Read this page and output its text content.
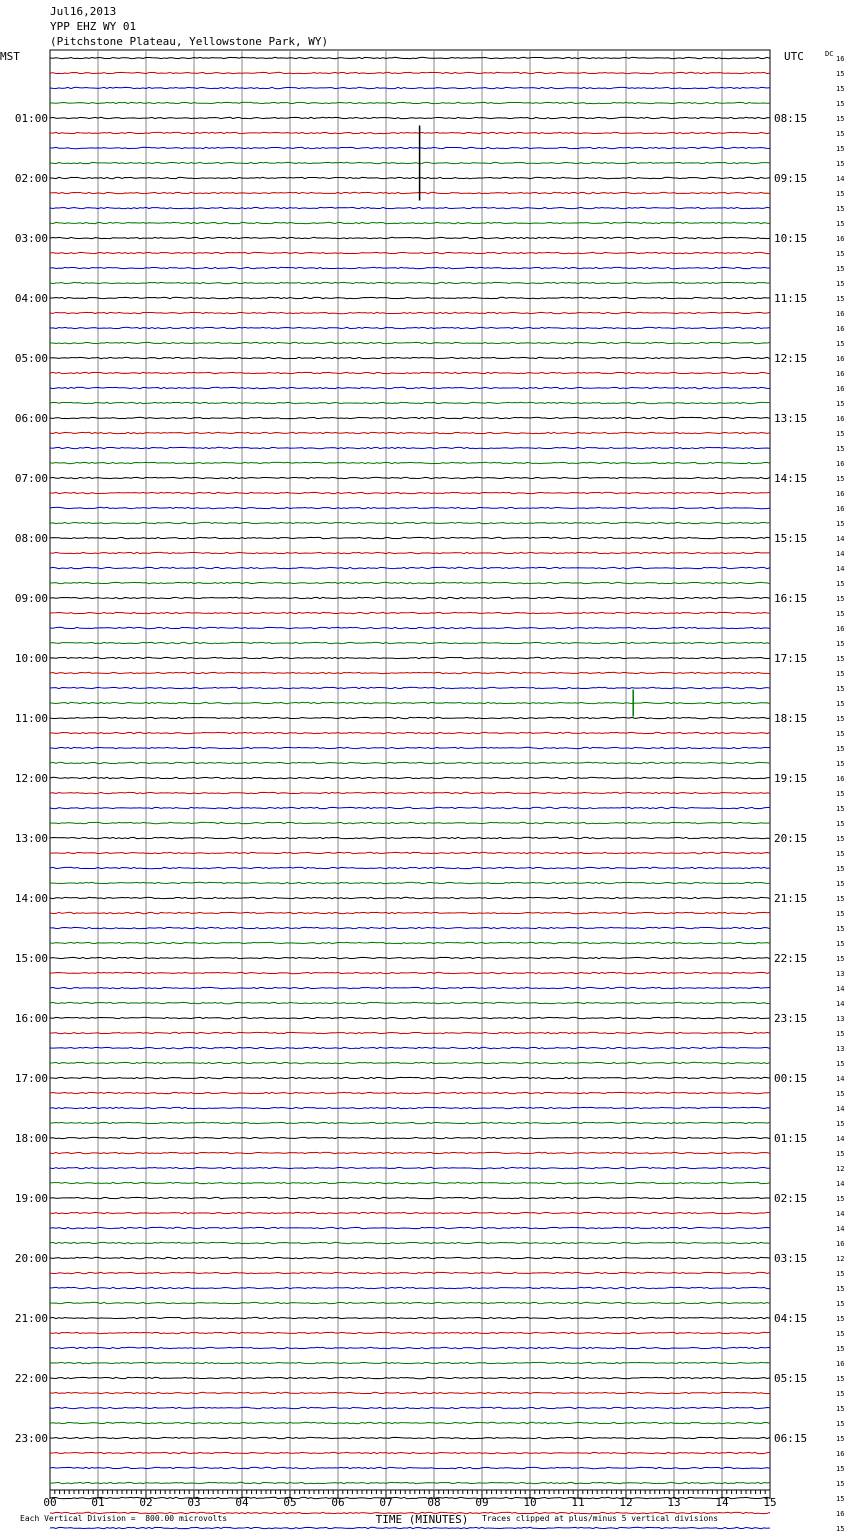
Jul16,2013
YPP EHZ WY 01
(Pitchstone Plateau, Yellowstone Park, WY)
MST	UTC	DC
01:00
02:00
03:00
04:00
05:00
06:00
07:00
08:00
09:00
10:00
11:00
12:00
13:00
14:00
15:00
16:00
17:00
18:00
19:00
20:00
21:00
22:00
23:00
08:15
09:15
10:15
11:15
12:15
13:15
14:15
15:15
16:15
17:15
18:15
19:15
20:15
21:15
22:15
23:15
00:15
01:15
02:15
03:15
04:15
05:15
06:15
16
15
15
15
15
15
15
15
14
15
15
15
16
15
15
15
15
16
16
15
16
16
16
15
16
15
15
16
15
16
16
15
14
14
14
15
15
15
16
15
15
15
15
15
15
15
15
15
16
15
15
15
15
15
15
15
15
15
15
15
15
13
14
14
13
15
13
15
14
15
14
15
14
15
12
14
15
14
14
16
12
15
15
15
15
15
15
16
15
15
15
15
15
16
15
15
15
16
15
00	01	02	03	04	05	06	07	08	09	10	11	12	13	14	15
TIME (MINUTES)
Each Vertical Division =  800.00 microvolts	Traces clipped at plus/minus 5 vertical divisions
